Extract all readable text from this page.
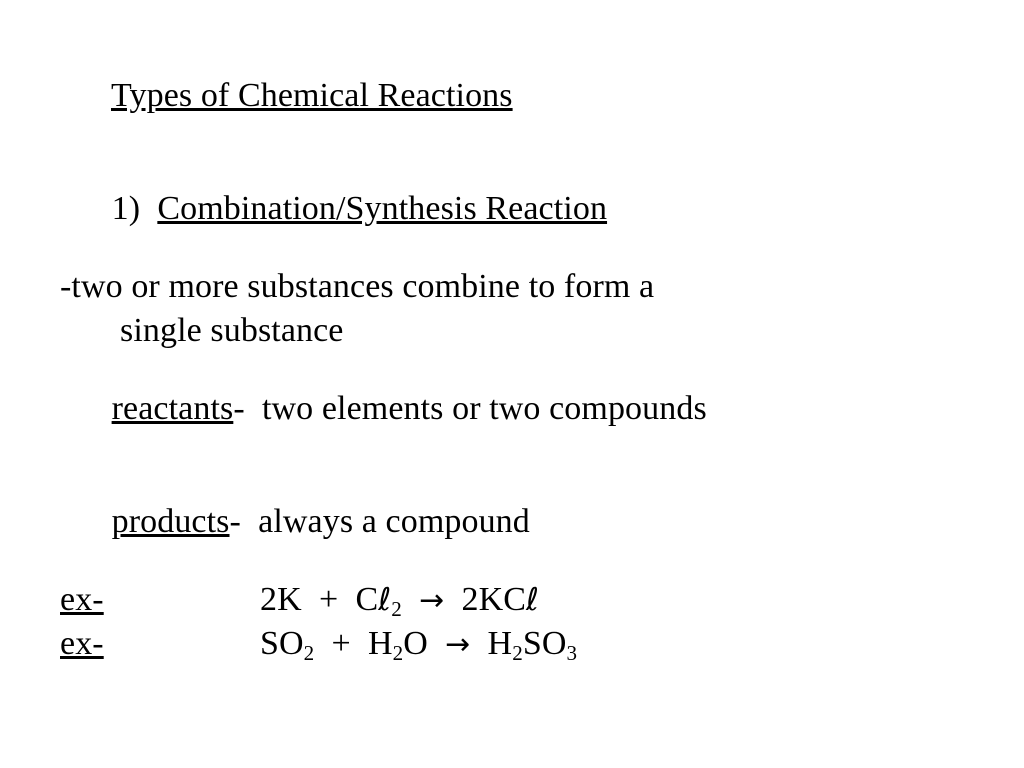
Types of Chemical Reactions

1) Combination/Synthesis Reaction

-two or more substances combine to form a
single substance

reactants-  two elements or two compounds

products-  always a compound

ex-	2K + Cℓ$_2$ → 2KCℓ
ex-	$SO_2 + H_2O \to H_2SO_3$
